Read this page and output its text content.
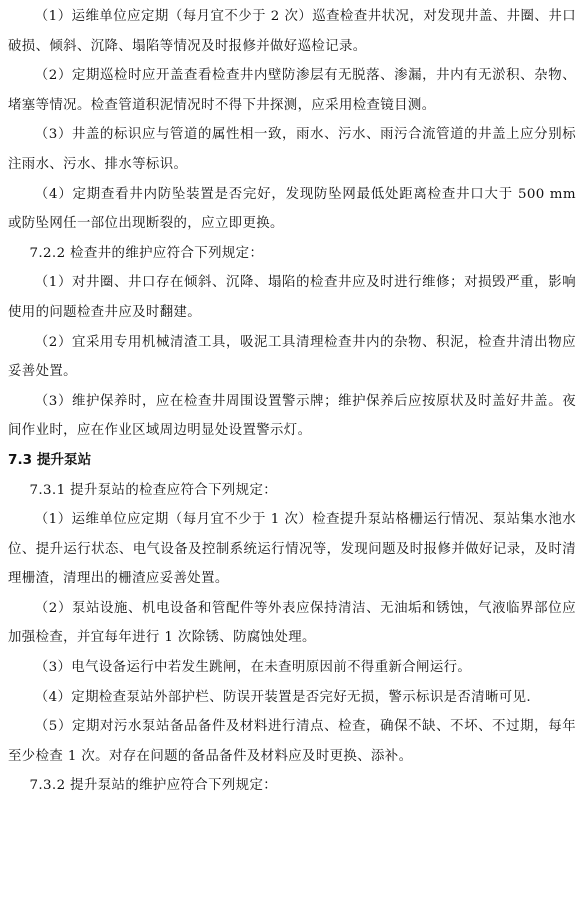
（1）运维单位应定期（每月宜不少于 2 次）巡查检查井状况，对发现井盖、井圈、井口破损、倾斜、沉降、塌陷等情况及时报修并做好巡检记录。

（2）定期巡检时应开盖查看检查井内壁防渗层有无脱落、渗漏，井内有无淤积、杂物、堵塞等情况。检查管道积泥情况时不得下井探测，应采用检查镜目测。

（3）井盖的标识应与管道的属性相一致，雨水、污水、雨污合流管道的井盖上应分别标注雨水、污水、排水等标识。

（4）定期查看井内防坠装置是否完好，发现防坠网最低处距离检查井口大于 500 mm 或防坠网任一部位出现断裂的，应立即更换。

7.2.2 检查井的维护应符合下列规定：

（1）对井圈、井口存在倾斜、沉降、塌陷的检查井应及时进行维修；对损毁严重，影响使用的问题检查井应及时翻建。

（2）宜采用专用机械清渣工具，吸泥工具清理检查井内的杂物、积泥，检查井清出物应妥善处置。

（3）维护保养时，应在检查井周围设置警示牌；维护保养后应按原状及时盖好井盖。夜间作业时，应在作业区域周边明显处设置警示灯。

7.3 提升泵站

7.3.1 提升泵站的检查应符合下列规定：

（1）运维单位应定期（每月宜不少于 1 次）检查提升泵站格栅运行情况、泵站集水池水位、提升运行状态、电气设备及控制系统运行情况等，发现问题及时报修并做好记录，及时清理栅渣，清理出的栅渣应妥善处置。

（2）泵站设施、机电设备和管配件等外表应保持清洁、无油垢和锈蚀，气液临界部位应加强检查，并宜每年进行 1 次除锈、防腐蚀处理。

（3）电气设备运行中若发生跳闸，在未查明原因前不得重新合闸运行。

（4）定期检查泵站外部护栏、防误开装置是否完好无损，警示标识是否清晰可见.

（5）定期对污水泵站备品备件及材料进行清点、检查，确保不缺、不坏、不过期，每年至少检查 1 次。对存在问题的备品备件及材料应及时更换、添补。

7.3.2 提升泵站的维护应符合下列规定：
